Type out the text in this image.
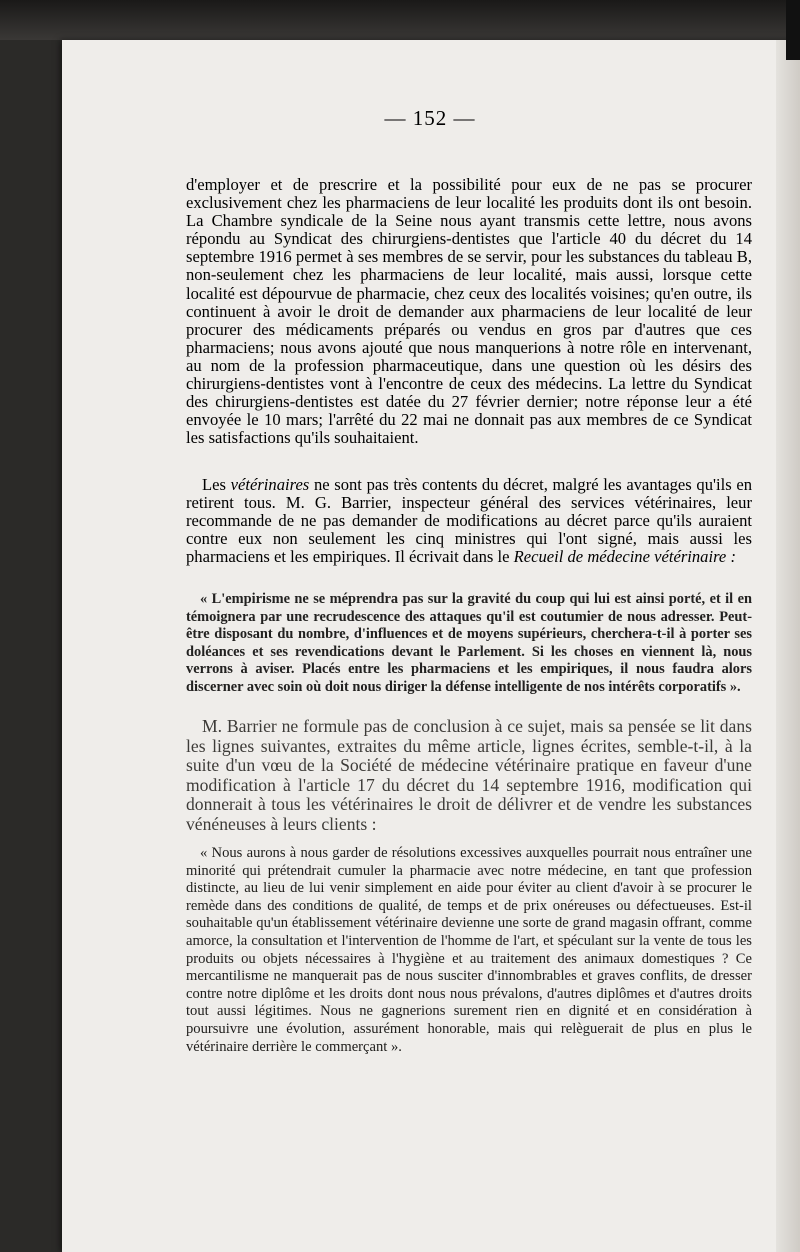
— 152 —
d'employer et de prescrire et la possibilité pour eux de ne pas se procurer exclusivement chez les pharmaciens de leur localité les produits dont ils ont besoin. La Chambre syndicale de la Seine nous ayant transmis cette lettre, nous avons répondu au Syndicat des chirurgiens-dentistes que l'article 40 du décret du 14 septembre 1916 permet à ses membres de se servir, pour les substances du tableau B, non-seulement chez les pharmaciens de leur localité, mais aussi, lorsque cette localité est dépourvue de pharmacie, chez ceux des localités voisines; qu'en outre, ils continuent à avoir le droit de demander aux pharmaciens de leur localité de leur procurer des médicaments préparés ou vendus en gros par d'autres que ces pharmaciens; nous avons ajouté que nous manquerions à notre rôle en intervenant, au nom de la profession pharmaceutique, dans une question où les désirs des chirurgiens-dentistes vont à l'encontre de ceux des médecins. La lettre du Syndicat des chirurgiens-dentistes est datée du 27 février dernier; notre réponse leur a été envoyée le 10 mars; l'arrêté du 22 mai ne donnait pas aux membres de ce Syndicat les satisfactions qu'ils souhaitaient.
Les vétérinaires ne sont pas très contents du décret, malgré les avantages qu'ils en retirent tous. M. G. Barrier, inspecteur général des services vétérinaires, leur recommande de ne pas demander de modifications au décret parce qu'ils auraient contre eux non seulement les cinq ministres qui l'ont signé, mais aussi les pharmaciens et les empiriques. Il écrivait dans le Recueil de médecine vétérinaire :
« L'empirisme ne se méprendra pas sur la gravité du coup qui lui est ainsi porté, et il en témoignera par une recrudescence des attaques qu'il est coutumier de nous adresser. Peut-être disposant du nombre, d'influences et de moyens supérieurs, cherchera-t-il à porter ses doléances et ses revendications devant le Parlement. Si les choses en viennent là, nous verrons à aviser. Placés entre les pharmaciens et les empiriques, il nous faudra alors discerner avec soin où doit nous diriger la défense intelligente de nos intérêts corporatifs ».
M. Barrier ne formule pas de conclusion à ce sujet, mais sa pensée se lit dans les lignes suivantes, extraites du même article, lignes écrites, semble-t-il, à la suite d'un vœu de la Société de médecine vétérinaire pratique en faveur d'une modification à l'article 17 du décret du 14 septembre 1916, modification qui donnerait à tous les vétérinaires le droit de délivrer et de vendre les substances vénéneuses à leurs clients :
« Nous aurons à nous garder de résolutions excessives auxquelles pourrait nous entraîner une minorité qui prétendrait cumuler la pharmacie avec notre médecine, en tant que profession distincte, au lieu de lui venir simplement en aide pour éviter au client d'avoir à se procurer le remède dans des conditions de qualité, de temps et de prix onéreuses ou défectueuses. Est-il souhaitable qu'un établissement vétérinaire devienne une sorte de grand magasin offrant, comme amorce, la consultation et l'intervention de l'homme de l'art, et spéculant sur la vente de tous les produits ou objets nécessaires à l'hygiène et au traitement des animaux domestiques ? Ce mercantilisme ne manquerait pas de nous susciter d'innombrables et graves conflits, de dresser contre notre diplôme et les droits dont nous nous prévalons, d'autres diplômes et d'autres droits tout aussi légitimes. Nous ne gagnerions surement rien en dignité et en considération à poursuivre une évolution, assurément honorable, mais qui relèguerait de plus en plus le vétérinaire derrière le commerçant ».
